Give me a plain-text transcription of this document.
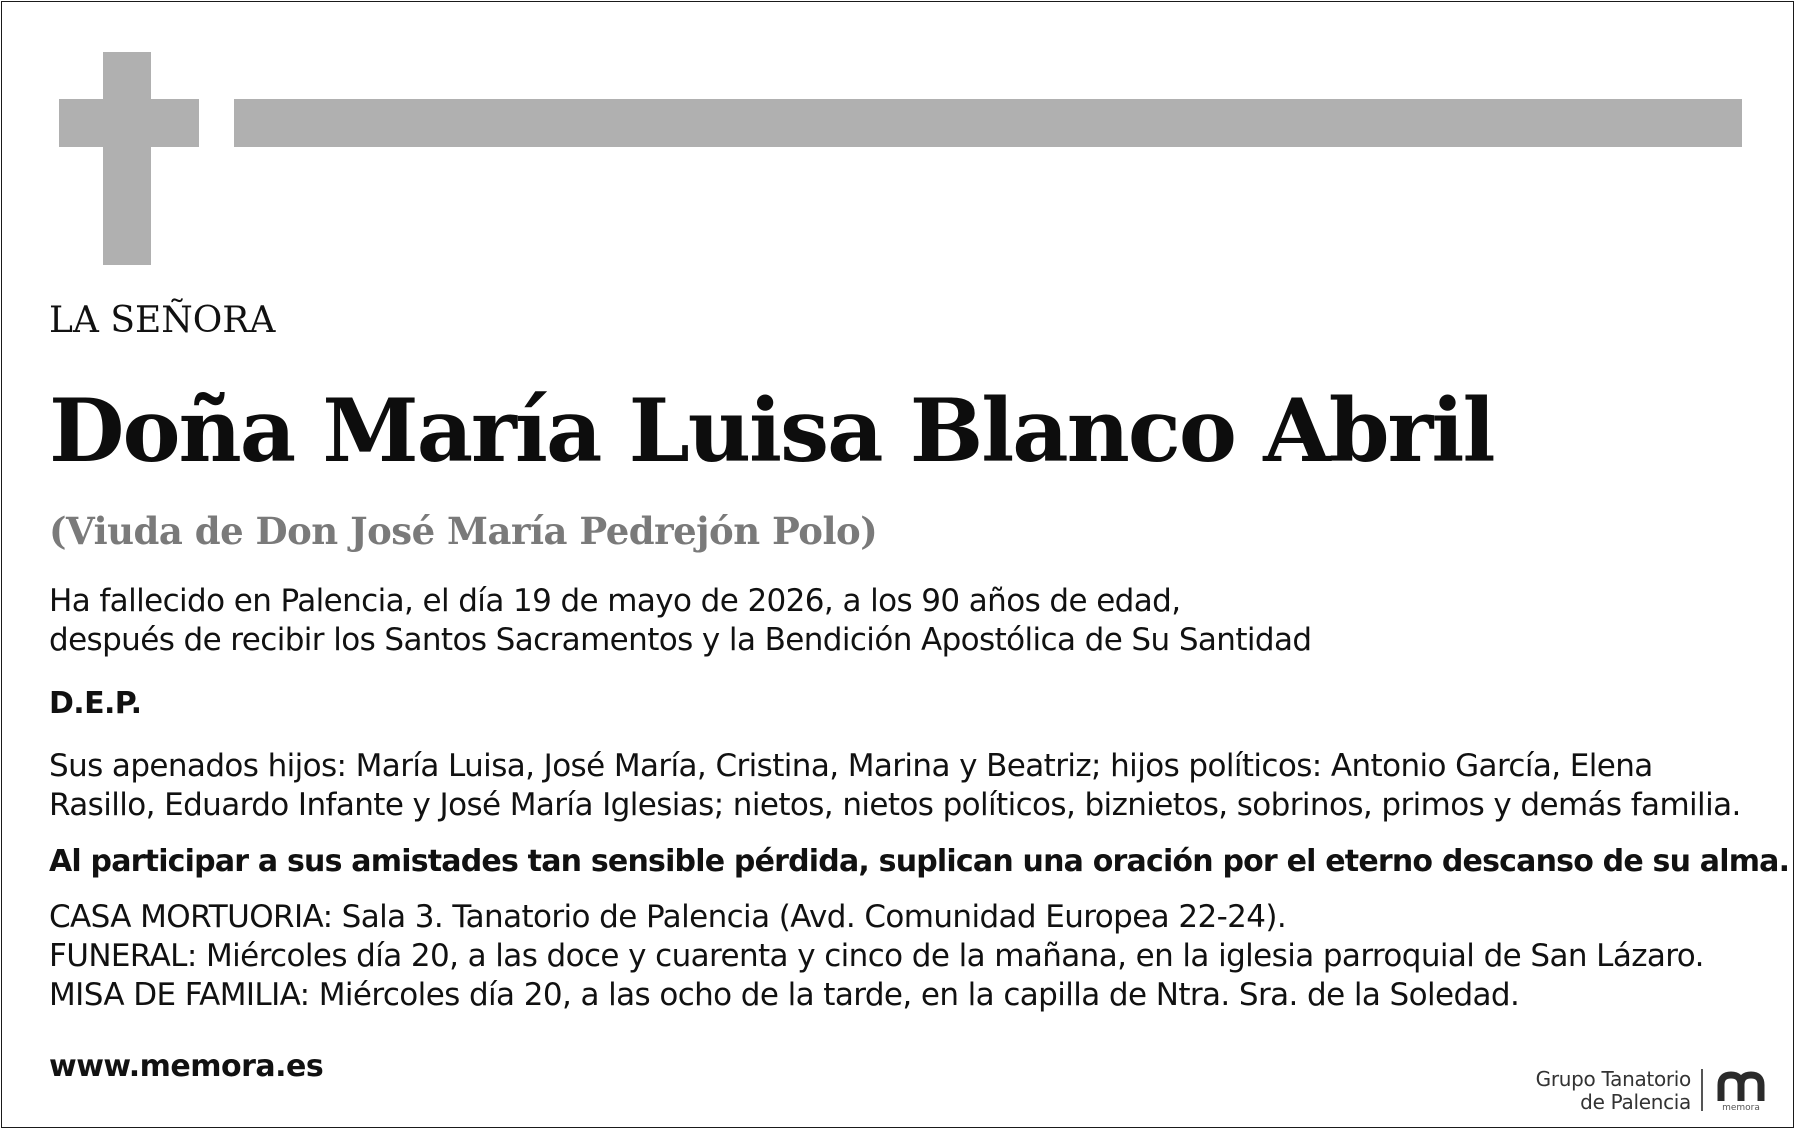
LA SEÑORA

Doña María Luisa Blanco Abril

(Viuda de Don José María Pedrejón Polo)

Ha fallecido en Palencia, el día 19 de mayo de 2026, a los 90 años de edad,

después de recibir los Santos Sacramentos y la Bendición Apostólica de Su Santidad

D.E.P.

Sus apenados hijos: María Luisa, José María, Cristina, Marina y Beatriz; hijos políticos: Antonio García, Elena

Rasillo, Eduardo Infante y José María Iglesias; nietos, nietos políticos, biznietos, sobrinos, primos y demás familia.

Al participar a sus amistades tan sensible pérdida, suplican una oración por el eterno descanso de su alma.

CASA MORTUORIA: Sala 3. Tanatorio de Palencia (Avd. Comunidad Europea 22-24).

FUNERAL: Miércoles día 20, a las doce y cuarenta y cinco de la mañana, en la iglesia parroquial de San Lázaro.

MISA DE FAMILIA: Miércoles día 20, a las ocho de la tarde, en la capilla de Ntra. Sra. de la Soledad.

www.memora.es	Grupo Tanatorio
de Palencia	memora
